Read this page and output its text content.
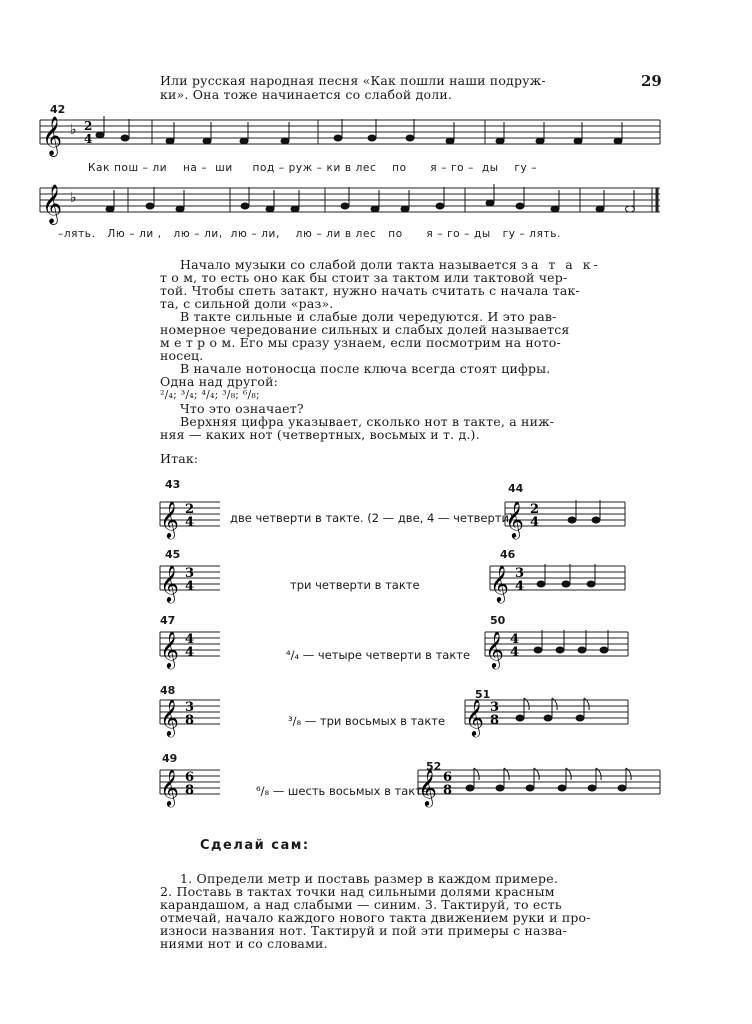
29
Или русская народная песня «Как пошли наши подруж-
ки». Она тоже начинается со слабой доли.
42
𝄞 ♭ 2
4
𝄞 ♭
Как пош – ли на – ши под – руж – ки в лес по я – го – ды гу –
–лять. Лю – ли , лю – ли, лю – ли, лю – ли в лес по я – го – ды гу – лять.
Начало музыки со слабой доли такта называется за т а к-
т о м, то есть оно как бы стоит за тактом или тактовой чер-
той. Чтобы спеть затакт, нужно начать считать с начала так-
та, с сильной доли «раз».
В такте сильные и слабые доли чередуются. И это рав-
номерное чередование сильных и слабых долей называется
м е т р о м. Его мы сразу узнаем, если посмотрим на ното-
носец.
В начале нотоносца после ключа всегда стоят цифры.
Одна над другой:
²/₄; ³/₄; ⁴/₄; ³/₈; ⁶/₈;
Что это означает?
Верхняя цифра указывает, сколько нот в такте, а ниж-
няя — каких нот (четвертных, восьмых и т. д.).
Итак:
43	44
две четверти в такте. (2 — две, 4 — четверти)
45	46
три четверти в такте
47	50
⁴/₄ — четыре четверти в такте
48	51
³/₈ — три восьмых в такте
49
52
⁶/₈ — шесть восьмых в такте
𝄞 2
4	𝄞 2
4
𝄞 3
4	𝄞 3
4
𝄞 4
4	𝄞 4
4
𝄞 3
8	𝄞 3
8
𝄞 6
8	𝄞 6
8
Сделай сам:
1. Определи метр и поставь размер в каждом примере.
2. Поставь в тактах точки над сильными долями красным
карандашом, а над слабыми — синим. 3. Тактируй, то есть
отмечай, начало каждого нового такта движением руки и про-
износи названия нот. Тактируй и пой эти примеры с назва-
ниями нот и со словами.
